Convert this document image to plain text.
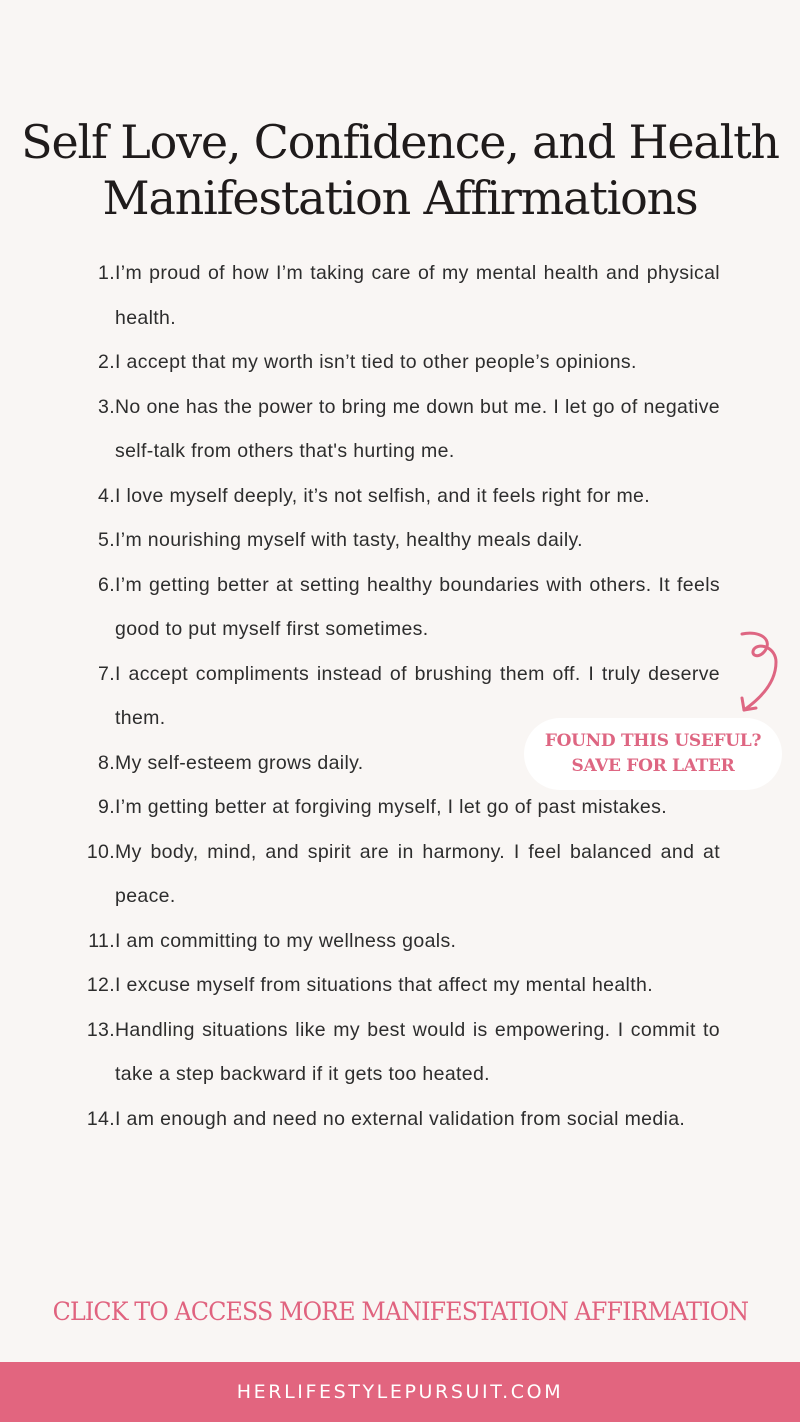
Self Love, Confidence, and Health
Manifestation Affirmations
1. I’m proud of how I’m taking care of my mental health and physical health.
2. I accept that my worth isn’t tied to other people’s opinions.
3. No one has the power to bring me down but me. I let go of negative self-talk from others that's hurting me.
4. I love myself deeply, it’s not selfish, and it feels right for me.
5. I’m nourishing myself with tasty, healthy meals daily.
6. I’m getting better at setting healthy boundaries with others. It feels good to put myself first sometimes.
7. I accept compliments instead of brushing them off. I truly deserve them.
8. My self-esteem grows daily.
9. I’m getting better at forgiving myself, I let go of past mistakes.
10. My body, mind, and spirit are in harmony. I feel balanced and at peace.
11. I am committing to my wellness goals.
12. I excuse myself from situations that affect my mental health.
13. Handling situations like my best would is empowering. I commit to take a step backward if it gets too heated.
14. I am enough and need no external validation from social media.
FOUND THIS USEFUL?
SAVE FOR LATER
CLICK TO ACCESS MORE MANIFESTATION AFFIRMATION
HERLIFESTYLEPURSUIT.COM
